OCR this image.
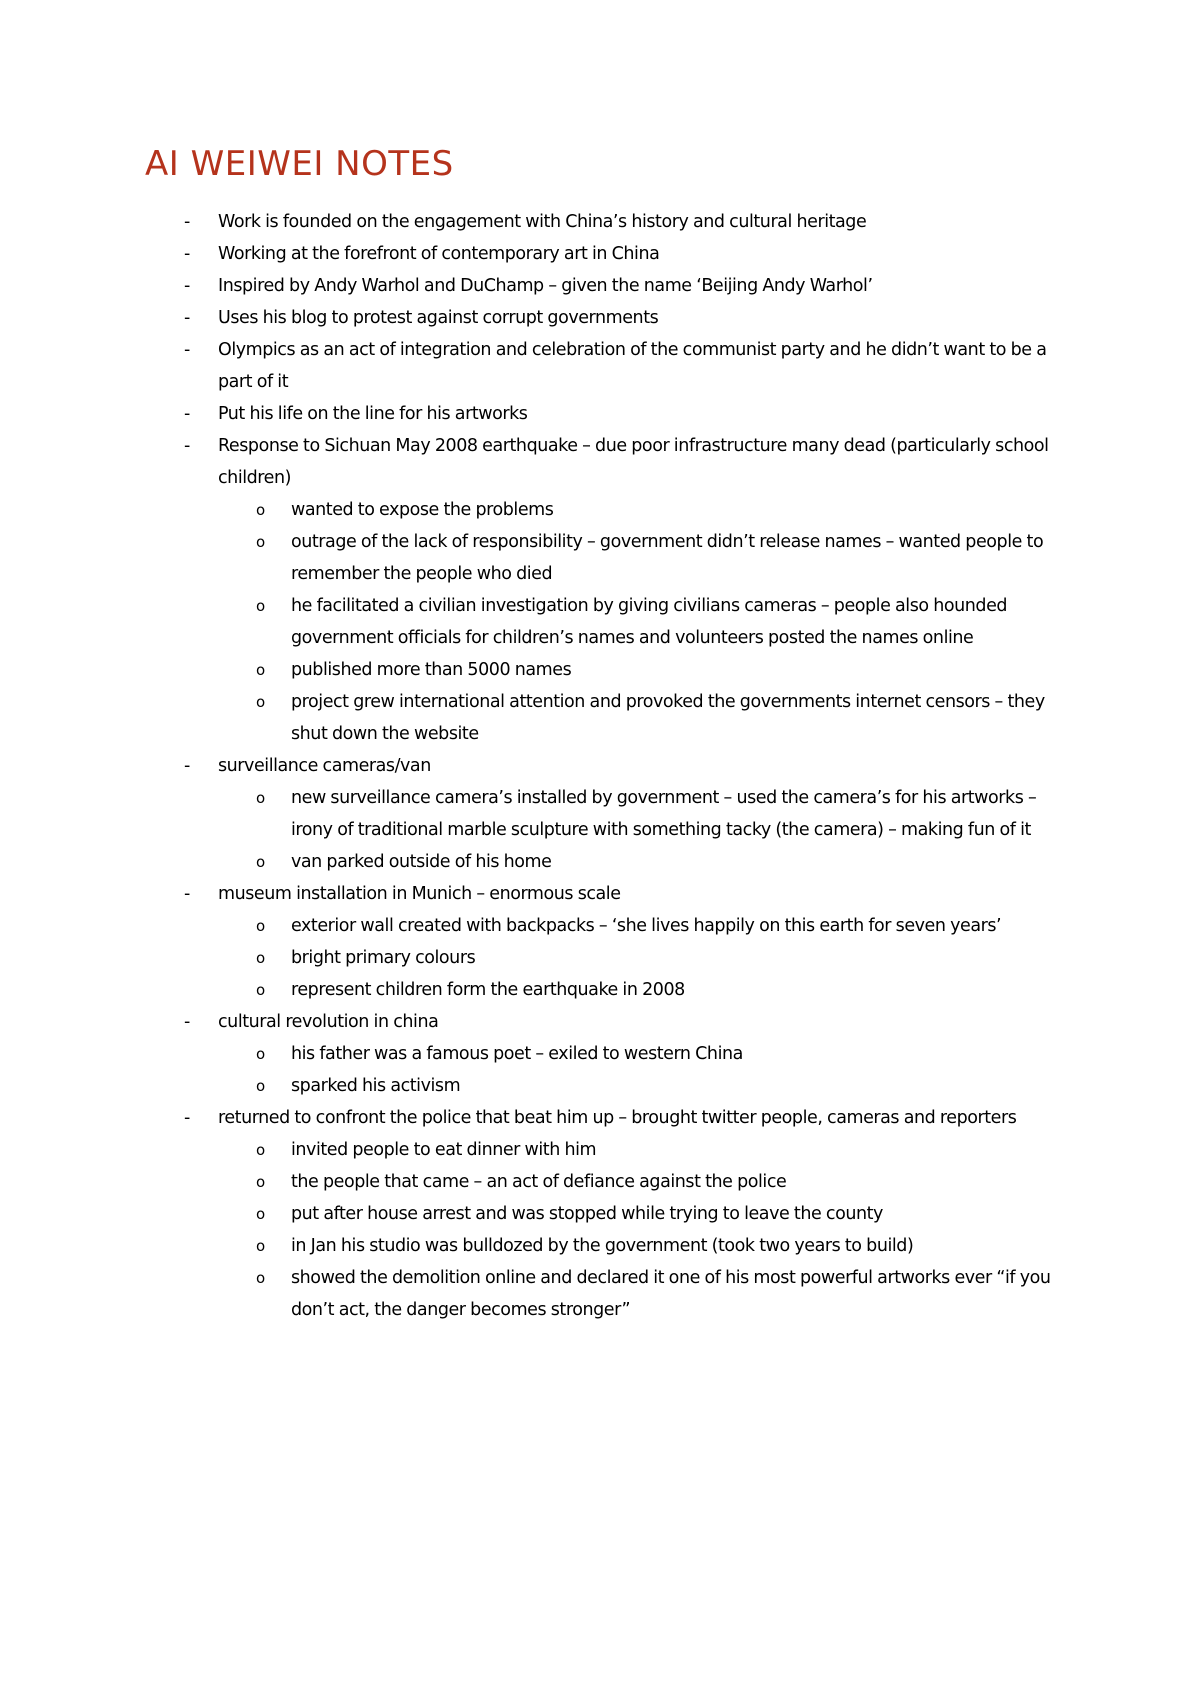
AI WEIWEI NOTES
- Work is founded on the engagement with China’s history and cultural heritage
- Working at the forefront of contemporary art in China
- Inspired by Andy Warhol and DuChamp – given the name ‘Beijing Andy Warhol’
- Uses his blog to protest against corrupt governments
- Olympics as an act of integration and celebration of the communist party and he didn’t want to be a part of it
- Put his life on the line for his artworks
- Response to Sichuan May 2008 earthquake – due poor infrastructure many dead (particularly school children)
o wanted to expose the problems
o outrage of the lack of responsibility – government didn’t release names – wanted people to remember the people who died
o he facilitated a civilian investigation by giving civilians cameras – people also hounded government officials for children’s names and volunteers posted the names online
o published more than 5000 names
o project grew international attention and provoked the governments internet censors – they shut down the website
- surveillance cameras/van
o new surveillance camera’s installed by government – used the camera’s for his artworks – irony of traditional marble sculpture with something tacky (the camera) – making fun of it
o van parked outside of his home
- museum installation in Munich – enormous scale
o exterior wall created with backpacks – ‘she lives happily on this earth for seven years’
o bright primary colours
o represent children form the earthquake in 2008
- cultural revolution in china
o his father was a famous poet – exiled to western China
o sparked his activism
- returned to confront the police that beat him up – brought twitter people, cameras and reporters
o invited people to eat dinner with him
o the people that came – an act of defiance against the police
o put after house arrest and was stopped while trying to leave the county
o in Jan his studio was bulldozed by the government (took two years to build)
o showed the demolition online and declared it one of his most powerful artworks ever “if you don’t act, the danger becomes stronger”
